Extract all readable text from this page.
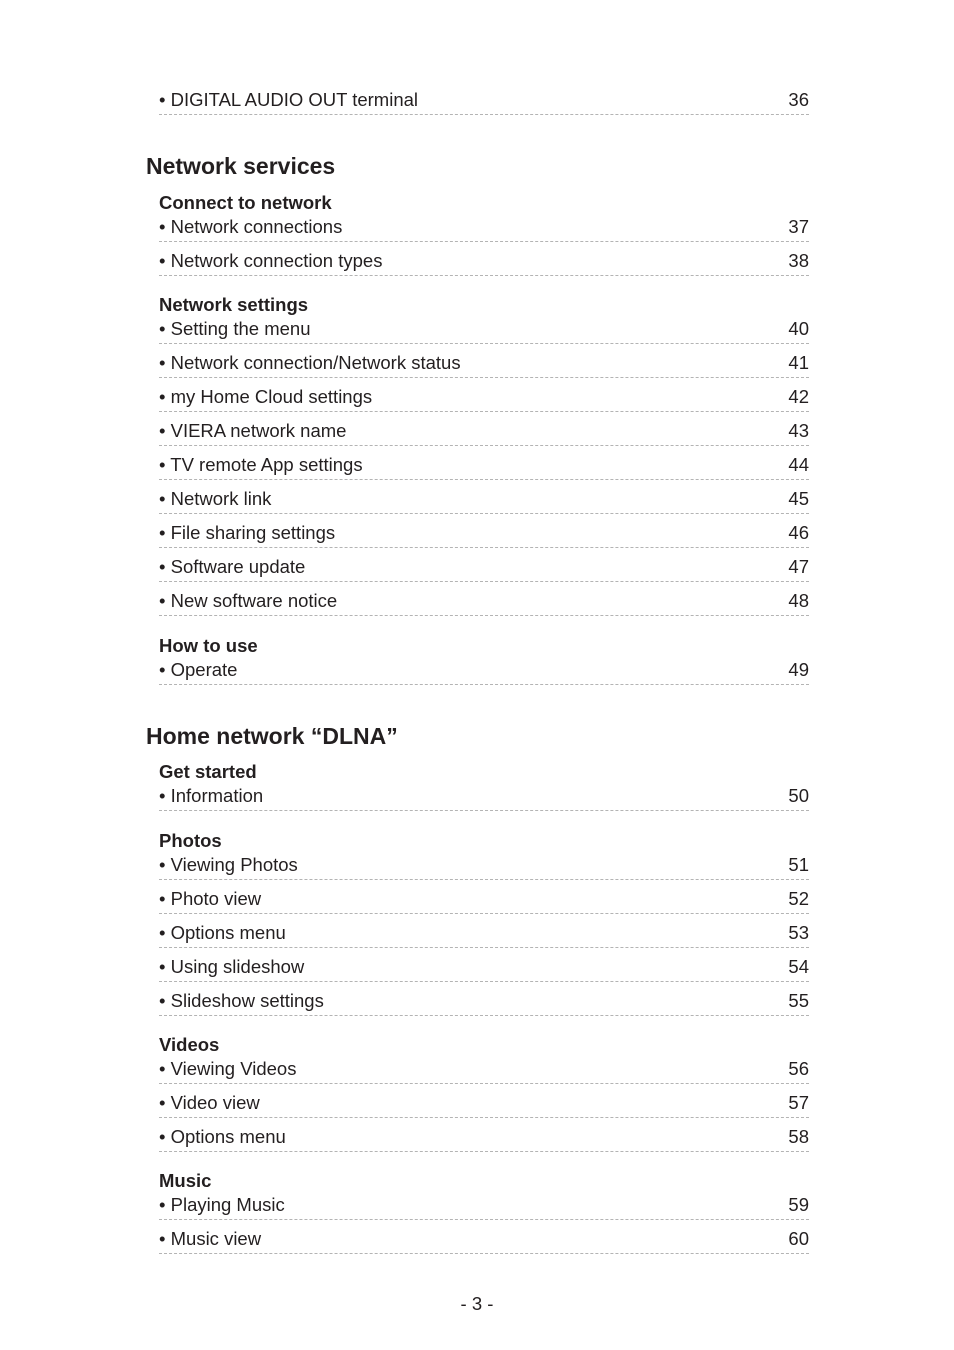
• DIGITAL AUDIO OUT terminal	36
Network services
Connect to network
• Network connections	37
• Network connection types	38
Network settings
• Setting the menu	40
• Network connection/Network status	41
• my Home Cloud settings	42
• VIERA network name	43
• TV remote App settings	44
• Network link	45
• File sharing settings	46
• Software update	47
• New software notice	48
How to use
• Operate	49
Home network “DLNA”
Get started
• Information	50
Photos
• Viewing Photos	51
• Photo view	52
• Options menu	53
• Using slideshow	54
• Slideshow settings	55
Videos
• Viewing Videos	56
• Video view	57
• Options menu	58
Music
• Playing Music	59
• Music view	60
- 3 -
